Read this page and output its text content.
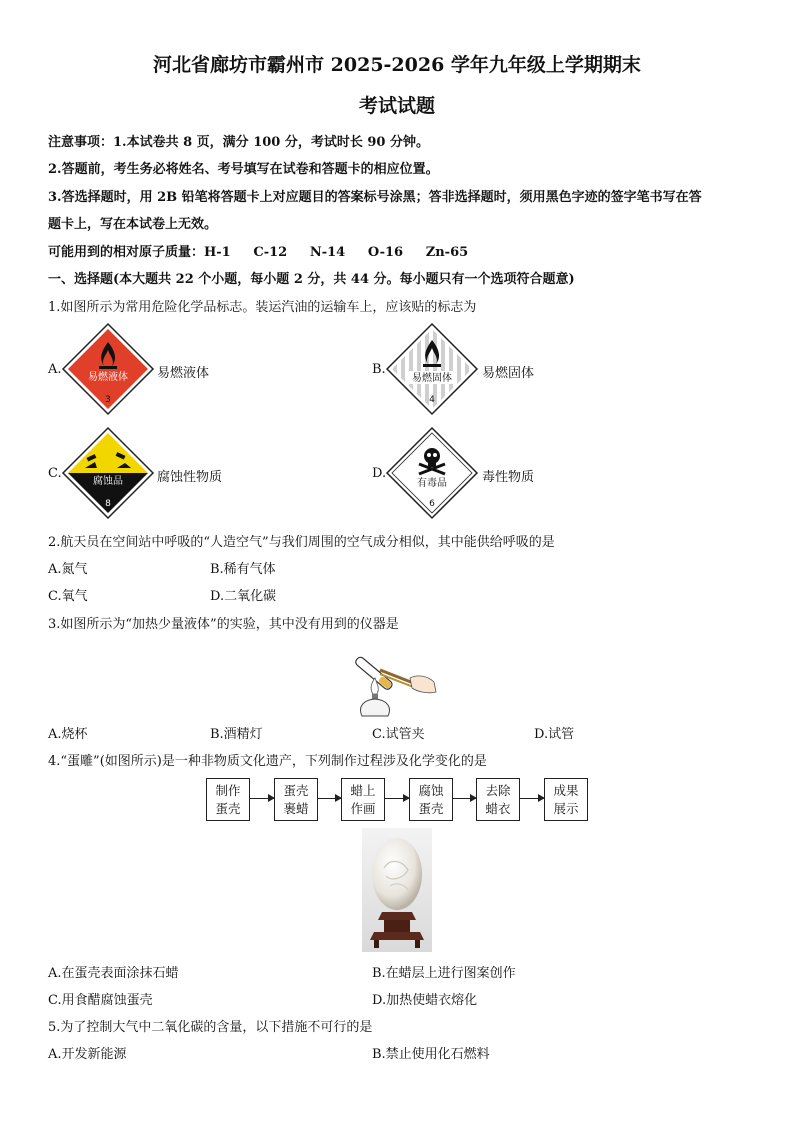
河北省廊坊市霸州市 2025-2026 学年九年级上学期期末
考试试题
注意事项：1.本试卷共 8 页，满分 100 分，考试时长 90 分钟。
2.答题前，考生务必将姓名、考号填写在试卷和答题卡的相应位置。
3.答选择题时，用 2B 铅笔将答题卡上对应题目的答案标号涂黑；答非选择题时，须用黑色字迹的签字笔书写在答
题卡上，写在本试卷上无效。
可能用到的相对原子质量：H-1     C-12     N-14     O-16     Zn-65
一、选择题(本大题共 22 个小题，每小题 2 分，共 44 分。每小题只有一个选项符合题意)
1.如图所示为常用危险化学品标志。装运汽油的运输车上，应该贴的标志为
A.
易燃液体
3
易燃液体	B.
易燃固体
4
易燃固体
C.
腐蚀品
8
腐蚀性物质	D.
有毒品
6
毒性物质
2.航天员在空间站中呼吸的“人造空气”与我们周围的空气成分相似，其中能供给呼吸的是
A.氮气	B.稀有气体
C.氧气	D.二氧化碳
3.如图所示为“加热少量液体”的实验，其中没有用到的仪器是
A.烧杯	B.酒精灯	C.试管夹	D.试管
4.“蛋雕”(如图所示)是一种非物质文化遗产，下列制作过程涉及化学变化的是
制作
蛋壳
蛋壳
裹蜡
蜡上
作画
腐蚀
蛋壳
去除
蜡衣
成果
展示
A.在蛋壳表面涂抹石蜡	B.在蜡层上进行图案创作
C.用食醋腐蚀蛋壳	D.加热使蜡衣熔化
5.为了控制大气中二氧化碳的含量，以下措施不可行的是
A.开发新能源	B.禁止使用化石燃料
